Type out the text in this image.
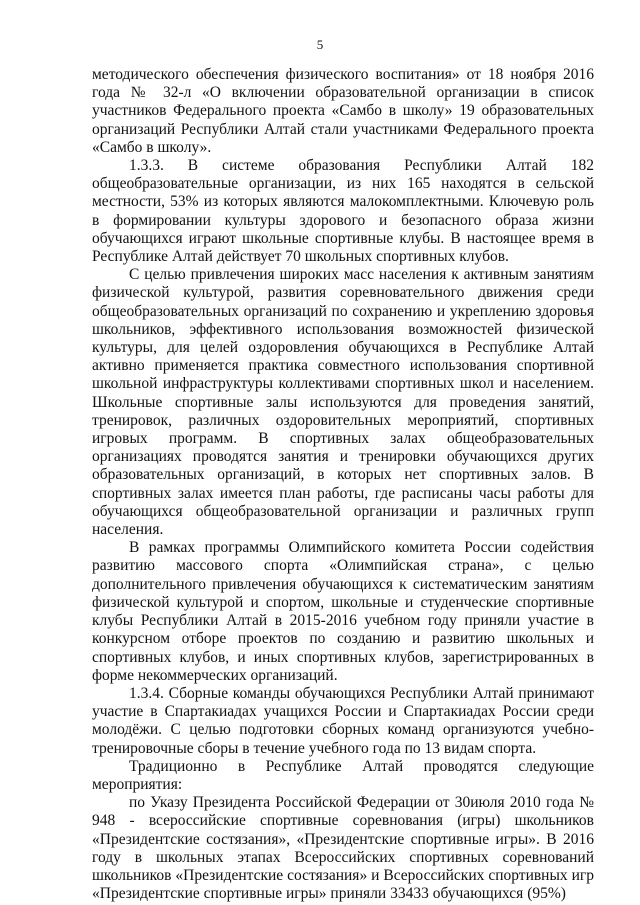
5

методического обеспечения физического воспитания» от 18 ноября 2016 года № 32-л «О включении образовательной организации в список участников Федерального проекта «Самбо в школу» 19 образовательных организаций Республики Алтай стали участниками Федерального проекта «Самбо в школу».

1.3.3. В системе образования Республики Алтай 182 общеобразовательные организации, из них 165 находятся в сельской местности, 53% из которых являются малокомплектными. Ключевую роль в формировании культуры здорового и безопасного образа жизни обучающихся играют школьные спортивные клубы. В настоящее время в Республике Алтай действует 70 школьных спортивных клубов.

С целью привлечения широких масс населения к активным занятиям физической культурой, развития соревновательного движения среди общеобразовательных организаций по сохранению и укреплению здоровья школьников, эффективного использования возможностей физической культуры, для целей оздоровления обучающихся в Республике Алтай активно применяется практика совместного использования спортивной школьной инфраструктуры коллективами спортивных школ и населением. Школьные спортивные залы используются для проведения занятий, тренировок, различных оздоровительных мероприятий, спортивных игровых программ. В спортивных залах общеобразовательных организациях проводятся занятия и тренировки обучающихся других образовательных организаций, в которых нет спортивных залов. В спортивных залах имеется план работы, где расписаны часы работы для обучающихся общеобразовательной организации и различных групп населения.

В рамках программы Олимпийского комитета России содействия развитию массового спорта «Олимпийская страна», с целью дополнительного привлечения обучающихся к систематическим занятиям физической культурой и спортом, школьные и студенческие спортивные клубы Республики Алтай в 2015-2016 учебном году приняли участие в конкурсном отборе проектов по созданию и развитию школьных и спортивных клубов, и иных спортивных клубов, зарегистрированных в форме некоммерческих организаций.

1.3.4. Сборные команды обучающихся Республики Алтай принимают участие в Спартакиадах учащихся России и Спартакиадах России среди молодёжи. С целью подготовки сборных команд организуются учебно-тренировочные сборы в течение учебного года по 13 видам спорта.

Традиционно в Республике Алтай проводятся следующие мероприятия:

по Указу Президента Российской Федерации от 30июля 2010 года № 948 - всероссийские спортивные соревнования (игры) школьников «Президентские состязания», «Президентские спортивные игры». В 2016 году в школьных этапах Всероссийских спортивных соревнований школьников «Президентские состязания» и Всероссийских спортивных игр «Президентские спортивные игры» приняли 33433 обучающихся (95%)
